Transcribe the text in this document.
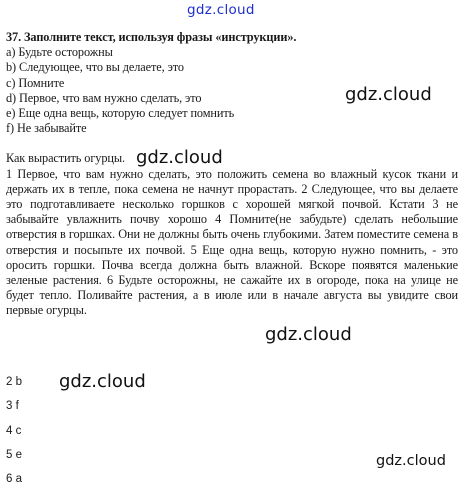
gdz.cloud

37. Заполните текст, используя фразы «инструкции».

a) Будьте осторожны

b) Следующее, что вы делаете, это

c) Помните

d) Первое, что вам нужно сделать, это

e) Еще одна вещь, которую следует помнить

f) Не забывайте

Как вырастить огурцы.

1 Первое, что вам нужно сделать, это положить семена во влажный кусок ткани и держать их в тепле, пока семена не начнут прорастать. 2 Следующее, что вы делаете это подготавливаете несколько горшков с хорошей мягкой почвой. Кстати 3 не забывайте увлажнить почву хорошо 4 Помните(не забудьте) сделать небольшие отверстия в горшках. Они не должны быть очень глубокими. Затем поместите семена в отверстия и посыпьте их почвой. 5 Еще одна вещь, которую нужно помнить, - это оросить горшки. Почва всегда должна быть влажной. Вскоре появятся маленькие зеленые растения. 6 Будьте осторожны, не сажайте их в огороде, пока на улице не будет тепло. Поливайте растения, а в июле или в начале августа вы увидите свои первые огурцы.

2 b
3 f
4 c
5 e
6 a
gdz.cloud
gdz.cloud
gdz.cloud
gdz.cloud
gdz.cloud
